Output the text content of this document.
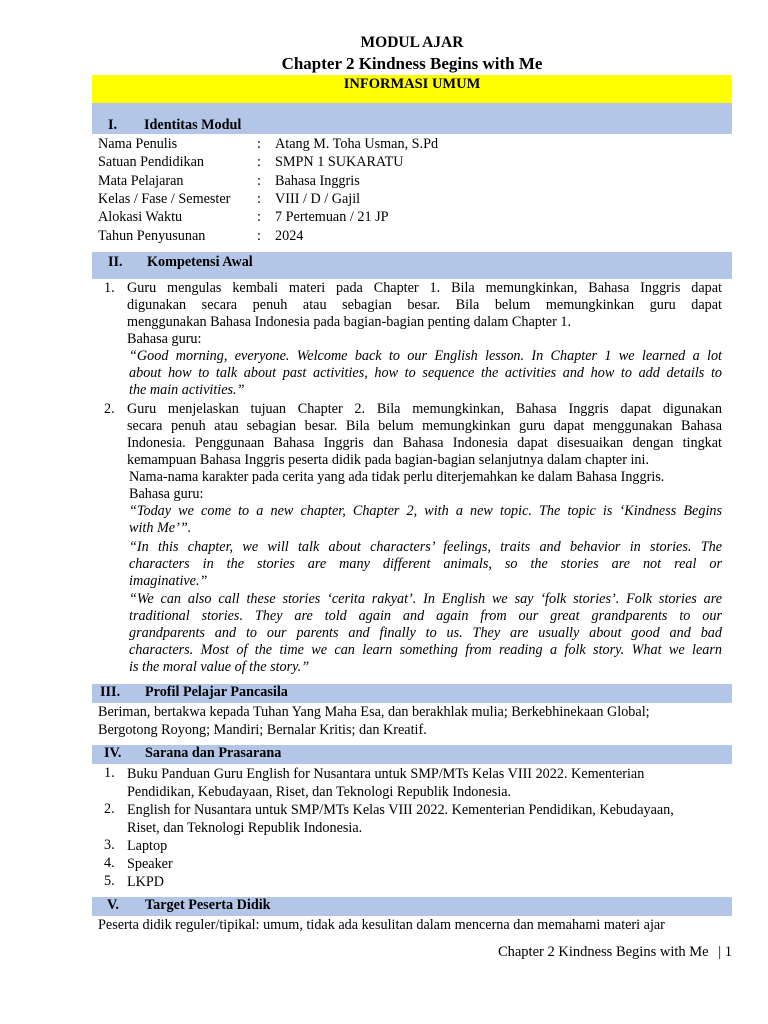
MODUL AJAR
Chapter 2 Kindness Begins with Me
INFORMASI UMUM
I. Identitas Modul
Nama Penulis	: Atang M. Toha Usman, S.Pd
Satuan Pendidikan	: SMPN 1 SUKARATU
Mata Pelajaran	: Bahasa Inggris
Kelas / Fase / Semester : VIII / D / Gajil
Alokasi Waktu	: 7 Pertemuan / 21 JP
Tahun Penyusunan	: 2024
II. Kompetensi Awal
1. Guru mengulas kembali materi pada Chapter 1. Bila memungkinkan, Bahasa Inggris dapat
digunakan secara penuh atau sebagian besar. Bila belum memungkinkan guru dapat
menggunakan Bahasa Indonesia pada bagian-bagian penting dalam Chapter 1.
Bahasa guru:
“Good morning, everyone. Welcome back to our English lesson. In Chapter 1 we learned a lot
about how to talk about past activities, how to sequence the activities and how to add details to
the main activities.”
2. Guru menjelaskan tujuan Chapter 2. Bila memungkinkan, Bahasa Inggris dapat digunakan
secara penuh atau sebagian besar. Bila belum memungkinkan guru dapat menggunakan Bahasa
Indonesia. Penggunaan Bahasa Inggris dan Bahasa Indonesia dapat disesuaikan dengan tingkat
kemampuan Bahasa Inggris peserta didik pada bagian-bagian selanjutnya dalam chapter ini.
Nama-nama karakter pada cerita yang ada tidak perlu diterjemahkan ke dalam Bahasa Inggris.
Bahasa guru:
“Today we come to a new chapter, Chapter 2, with a new topic. The topic is ‘Kindness Begins
with Me’”.
“In this chapter, we will talk about characters’ feelings, traits and behavior in stories. The
characters in the stories are many different animals, so the stories are not real or
imaginative.”
“We can also call these stories ‘cerita rakyat’. In English we say ‘folk stories’. Folk stories are
traditional stories. They are told again and again from our great grandparents to our
grandparents and to our parents and finally to us. They are usually about good and bad
characters. Most of the time we can learn something from reading a folk story. What we learn
is the moral value of the story.”
III. Profil Pelajar Pancasila
Beriman, bertakwa kepada Tuhan Yang Maha Esa, dan berakhlak mulia; Berkebhinekaan Global;
Bergotong Royong; Mandiri; Bernalar Kritis; dan Kreatif.
IV. Sarana dan Prasarana
1. Buku Panduan Guru English for Nusantara untuk SMP/MTs Kelas VIII 2022. Kementerian
Pendidikan, Kebudayaan, Riset, dan Teknologi Republik Indonesia.
2. English for Nusantara untuk SMP/MTs Kelas VIII 2022. Kementerian Pendidikan, Kebudayaan,
Riset, dan Teknologi Republik Indonesia.
3. Laptop
4. Speaker
5. LKPD
V. Target Peserta Didik
Peserta didik reguler/tipikal: umum, tidak ada kesulitan dalam mencerna dan memahami materi ajar
Chapter 2 Kindness Begins with Me | 1
